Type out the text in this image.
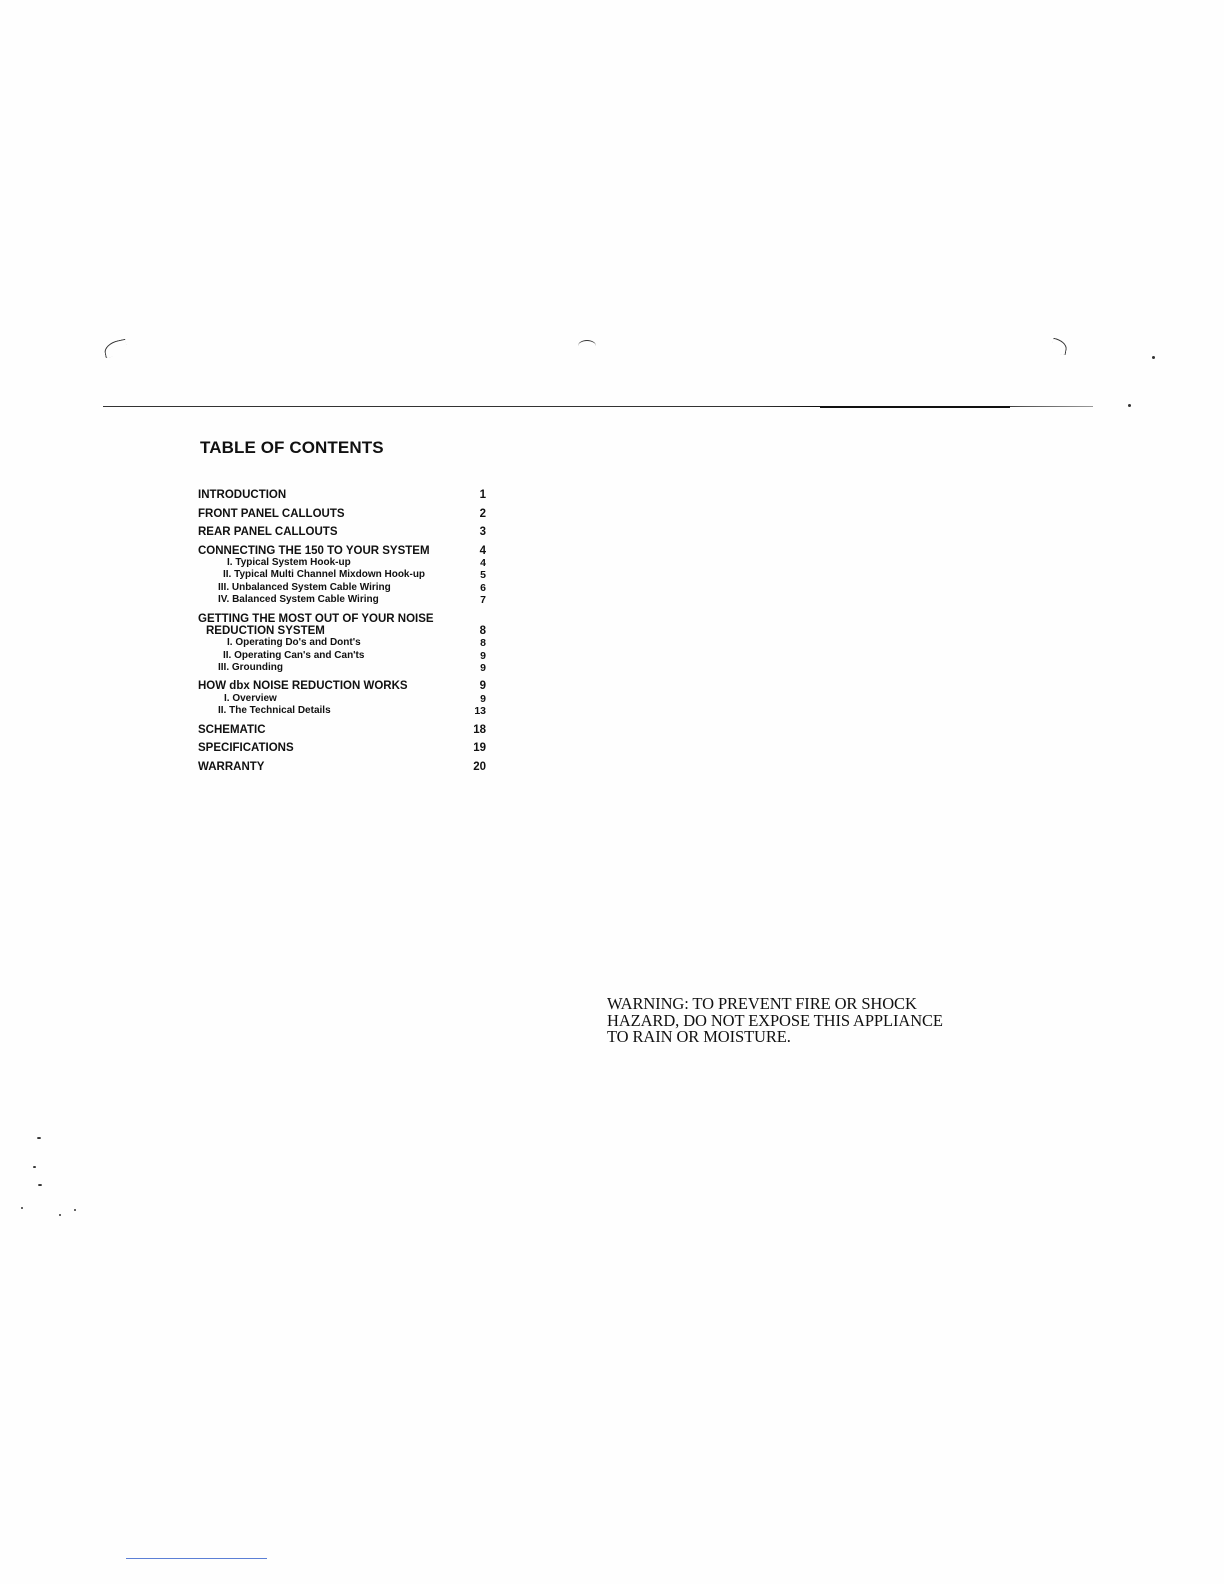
TABLE OF CONTENTS
INTRODUCTION	1
FRONT PANEL CALLOUTS	2
REAR PANEL CALLOUTS	3
CONNECTING THE 150 TO YOUR SYSTEM	4
I. Typical System Hook-up	4
II. Typical Multi Channel Mixdown Hook-up	5
III. Unbalanced System Cable Wiring	6
IV. Balanced System Cable Wiring	7
GETTING THE MOST OUT OF YOUR NOISE
REDUCTION SYSTEM	8
I. Operating Do's and Dont's	8
II. Operating Can's and Can'ts	9
III. Grounding	9
HOW dbx NOISE REDUCTION WORKS	9
I. Overview	9
II. The Technical Details	13
SCHEMATIC	18
SPECIFICATIONS	19
WARRANTY	20
WARNING: TO PREVENT FIRE OR SHOCK
HAZARD, DO NOT EXPOSE THIS APPLIANCE
TO RAIN OR MOISTURE.
